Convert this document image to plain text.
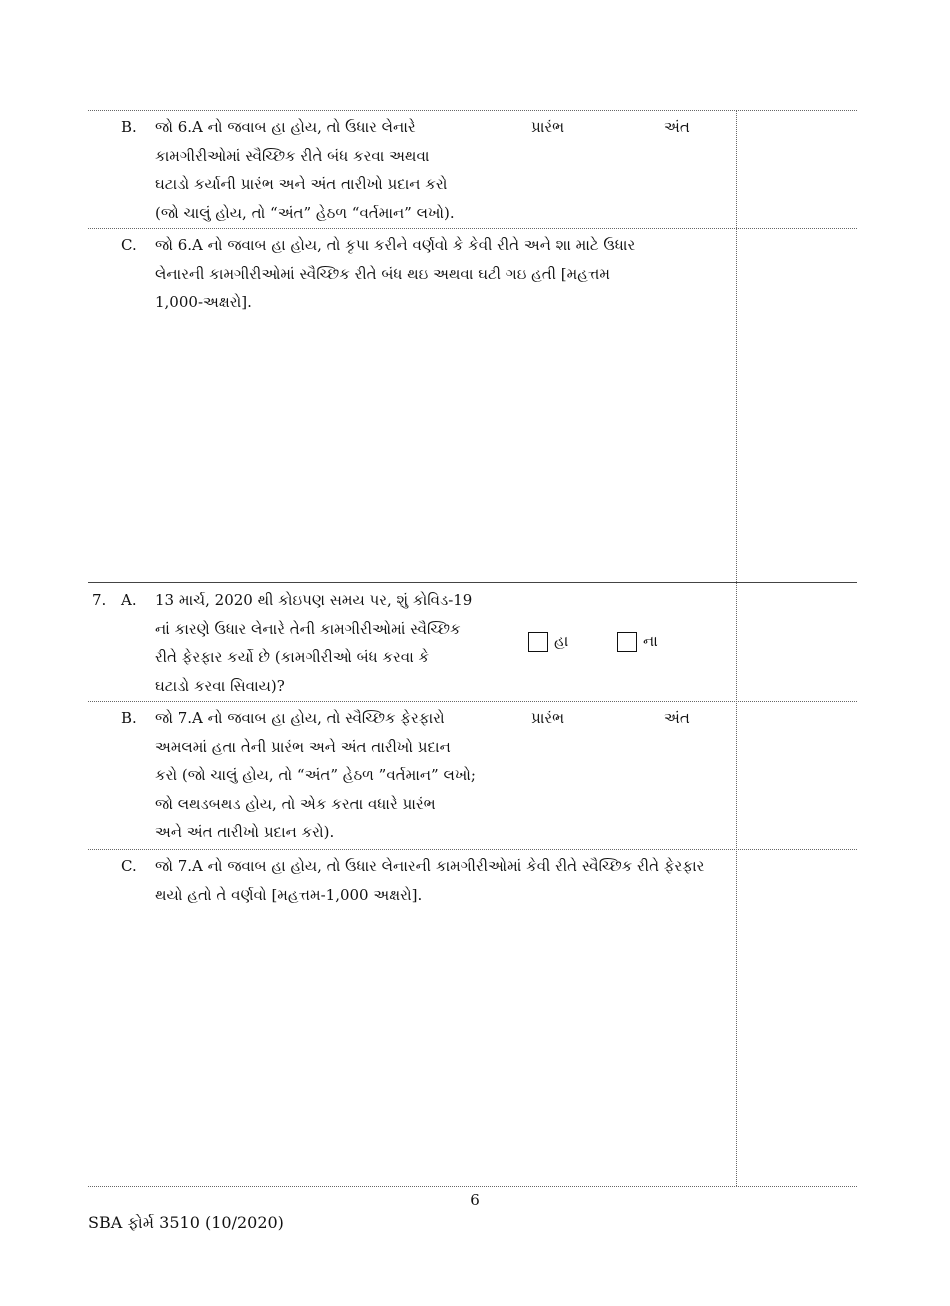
B. જો 6.A નો જવાબ હા હોય, તો ઉધાર લેનારે
કામગીરીઓમાં સ્વૈચ્છિક રીતે બંધ કરવા અથવા
ઘટાડો કર્યાની પ્રારંભ અને અંત તારીખો પ્રદાન કરો
(જો ચાલું હોય, તો “અંત” હેઠળ “વર્તમાન” લખો).
પ્રારંભ	અંત
C. જો 6.A નો જવાબ હા હોય, તો કૃપા કરીને વર્ણવો કે કેવી રીતે અને શા માટે ઉધાર
લેનારની કામગીરીઓમાં સ્વૈચ્છિક રીતે બંધ થઇ અથવા ઘટી ગઇ હતી [મહત્તમ
1,000-અક્ષરો].
7. A. 13 માર્ચ, 2020 થી કોઇપણ સમય પર, શું કોવિડ-19
નાં કારણે ઉધાર લેનારે તેની કામગીરીઓમાં સ્વૈચ્છિક
રીતે ફેરફાર કર્યો છે (કામગીરીઓ બંધ કરવા કે
ઘટાડો કરવા સિવાય)?
હા	ના
B. જો 7.A નો જવાબ હા હોય, તો સ્વૈચ્છિક ફેરફારો
અમલમાં હતા તેની પ્રારંભ અને અંત તારીખો પ્રદાન
કરો (જો ચાલું હોય, તો “અંત” હેઠળ ”વર્તમાન” લખો;
જો લથડબથડ હોય, તો એક કરતા વધારે પ્રારંભ
અને અંત તારીખો પ્રદાન કરો).
પ્રારંભ	અંત
C. જો 7.A નો જવાબ હા હોય, તો ઉધાર લેનારની કામગીરીઓમાં કેવી રીતે સ્વૈચ્છિક રીતે ફેરફાર
થયો હતો તે વર્ણવો [મહત્તમ-1,000 અક્ષરો].
6
SBA ફોર્મ 3510 (10/2020)
